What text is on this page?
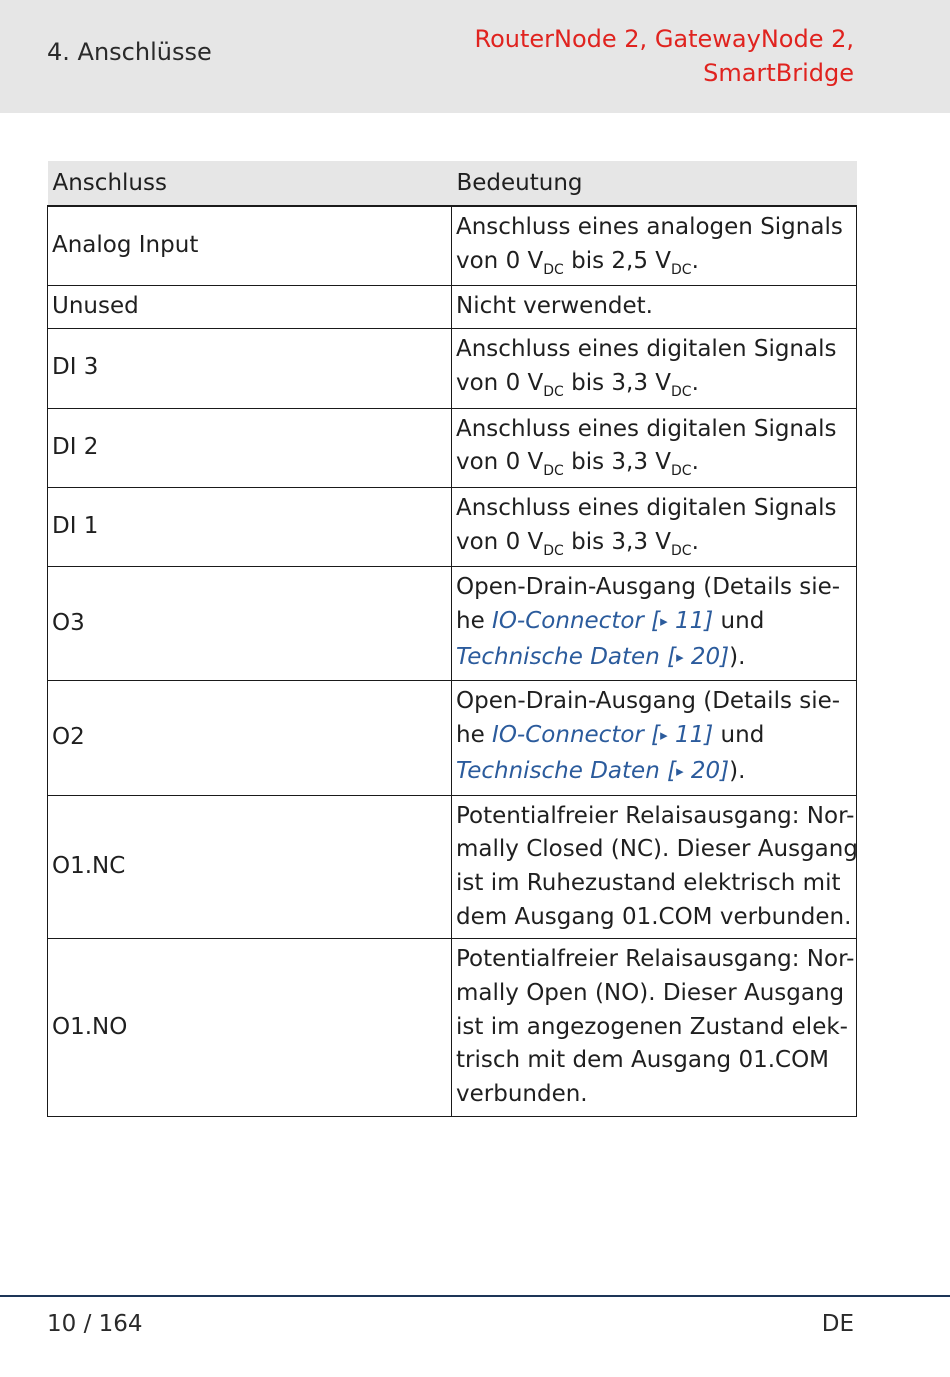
4. Anschlüsse	RouterNode 2, GatewayNode 2,
SmartBridge
Anschluss	Bedeutung
Analog Input	Anschluss eines analogen Signals
von 0 $V_{DC}$ bis 2,5 $V_{DC}$.

Unused	Nicht verwendet.
DI 3	Anschluss eines digitalen Signals
von 0 $V_{DC}$ bis 3,3 $V_{DC}$.

DI 2	Anschluss eines digitalen Signals
von 0 $V_{DC}$ bis 3,3 $V_{DC}$.

DI 1	Anschluss eines digitalen Signals
von 0 $V_{DC}$ bis 3,3 $V_{DC}$.

O3	Open-Drain-Ausgang (Details sie-
he IO-Connector [▸ 11] und
Technische Daten [▸ 20]).

O2	Open-Drain-Ausgang (Details sie-
he IO-Connector [▸ 11] und
Technische Daten [▸ 20]).

O1.NC	Potentialfreier Relaisausgang: Nor-
mally Closed (NC). Dieser Ausgang
ist im Ruhezustand elektrisch mit
dem Ausgang 01.COM verbunden.

O1.NO	Potentialfreier Relaisausgang: Nor-
mally Open (NO). Dieser Ausgang
ist im angezogenen Zustand elek-
trisch mit dem Ausgang 01.COM
verbunden.
10 / 164	DE
